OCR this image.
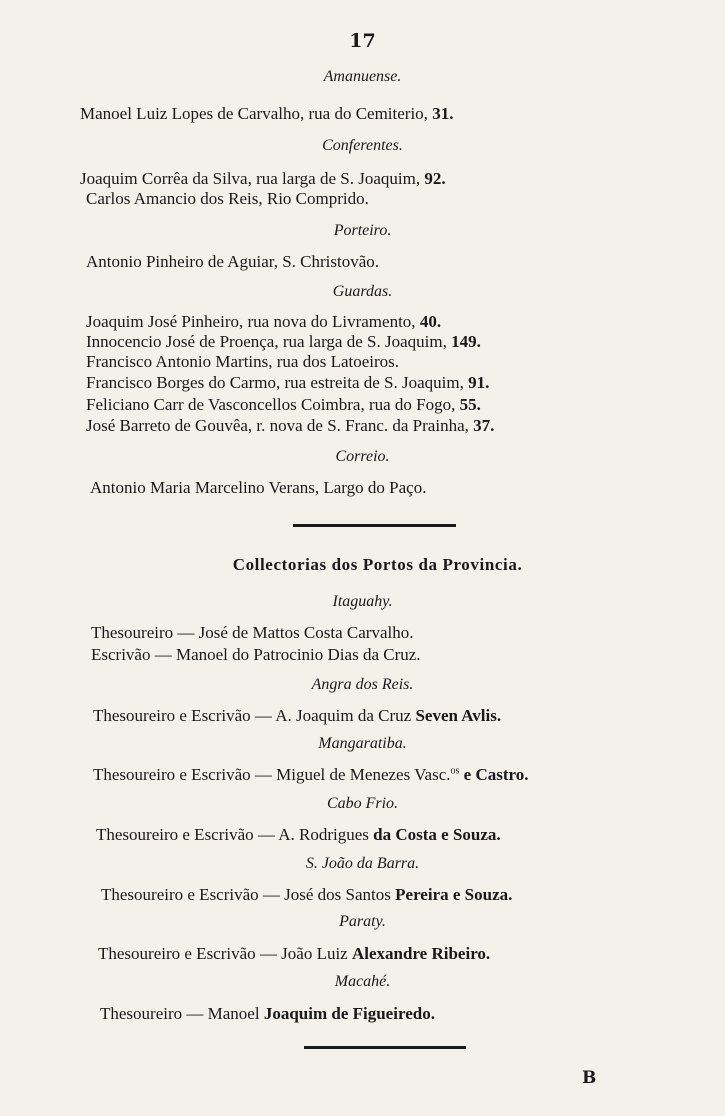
17
Amanuense.
Manoel Luiz Lopes de Carvalho, rua do Cemiterio, 31.
Conferentes.
Joaquim Corrêa da Silva, rua larga de S. Joaquim, 92.
Carlos Amancio dos Reis, Rio Comprido.
Porteiro.
Antonio Pinheiro de Aguiar, S. Christovão.
Guardas.
Joaquim José Pinheiro, rua nova do Livramento, 40.
Innocencio José de Proença, rua larga de S. Joaquim, 149.
Francisco Antonio Martins, rua dos Latoeiros.
Francisco Borges do Carmo, rua estreita de S. Joaquim, 91.
Feliciano Carr de Vasconcellos Coimbra, rua do Fogo, 55.
José Barreto de Gouvêa, r. nova de S. Franc. da Prainha, 37.
Correio.
Antonio Maria Marcelino Verans, Largo do Paço.
Collectorias dos Portos da Provincia.
Itaguahy.
Thesoureiro — José de Mattos Costa Carvalho.
Escrivão — Manoel do Patrocinio Dias da Cruz.
Angra dos Reis.
Thesoureiro e Escrivão — A. Joaquim da Cruz Seven Avlis.
Mangaratiba.
Thesoureiro e Escrivão — Miguel de Menezes Vasc.$^{os}$ e Castro.
Cabo Frio.
Thesoureiro e Escrivão — A. Rodrigues da Costa e Souza.
S. João da Barra.
Thesoureiro e Escrivão — José dos Santos Pereira e Souza.
Paraty.
Thesoureiro e Escrivão — João Luiz Alexandre Ribeiro.
Macahé.
Thesoureiro — Manoel Joaquim de Figueiredo.
B
